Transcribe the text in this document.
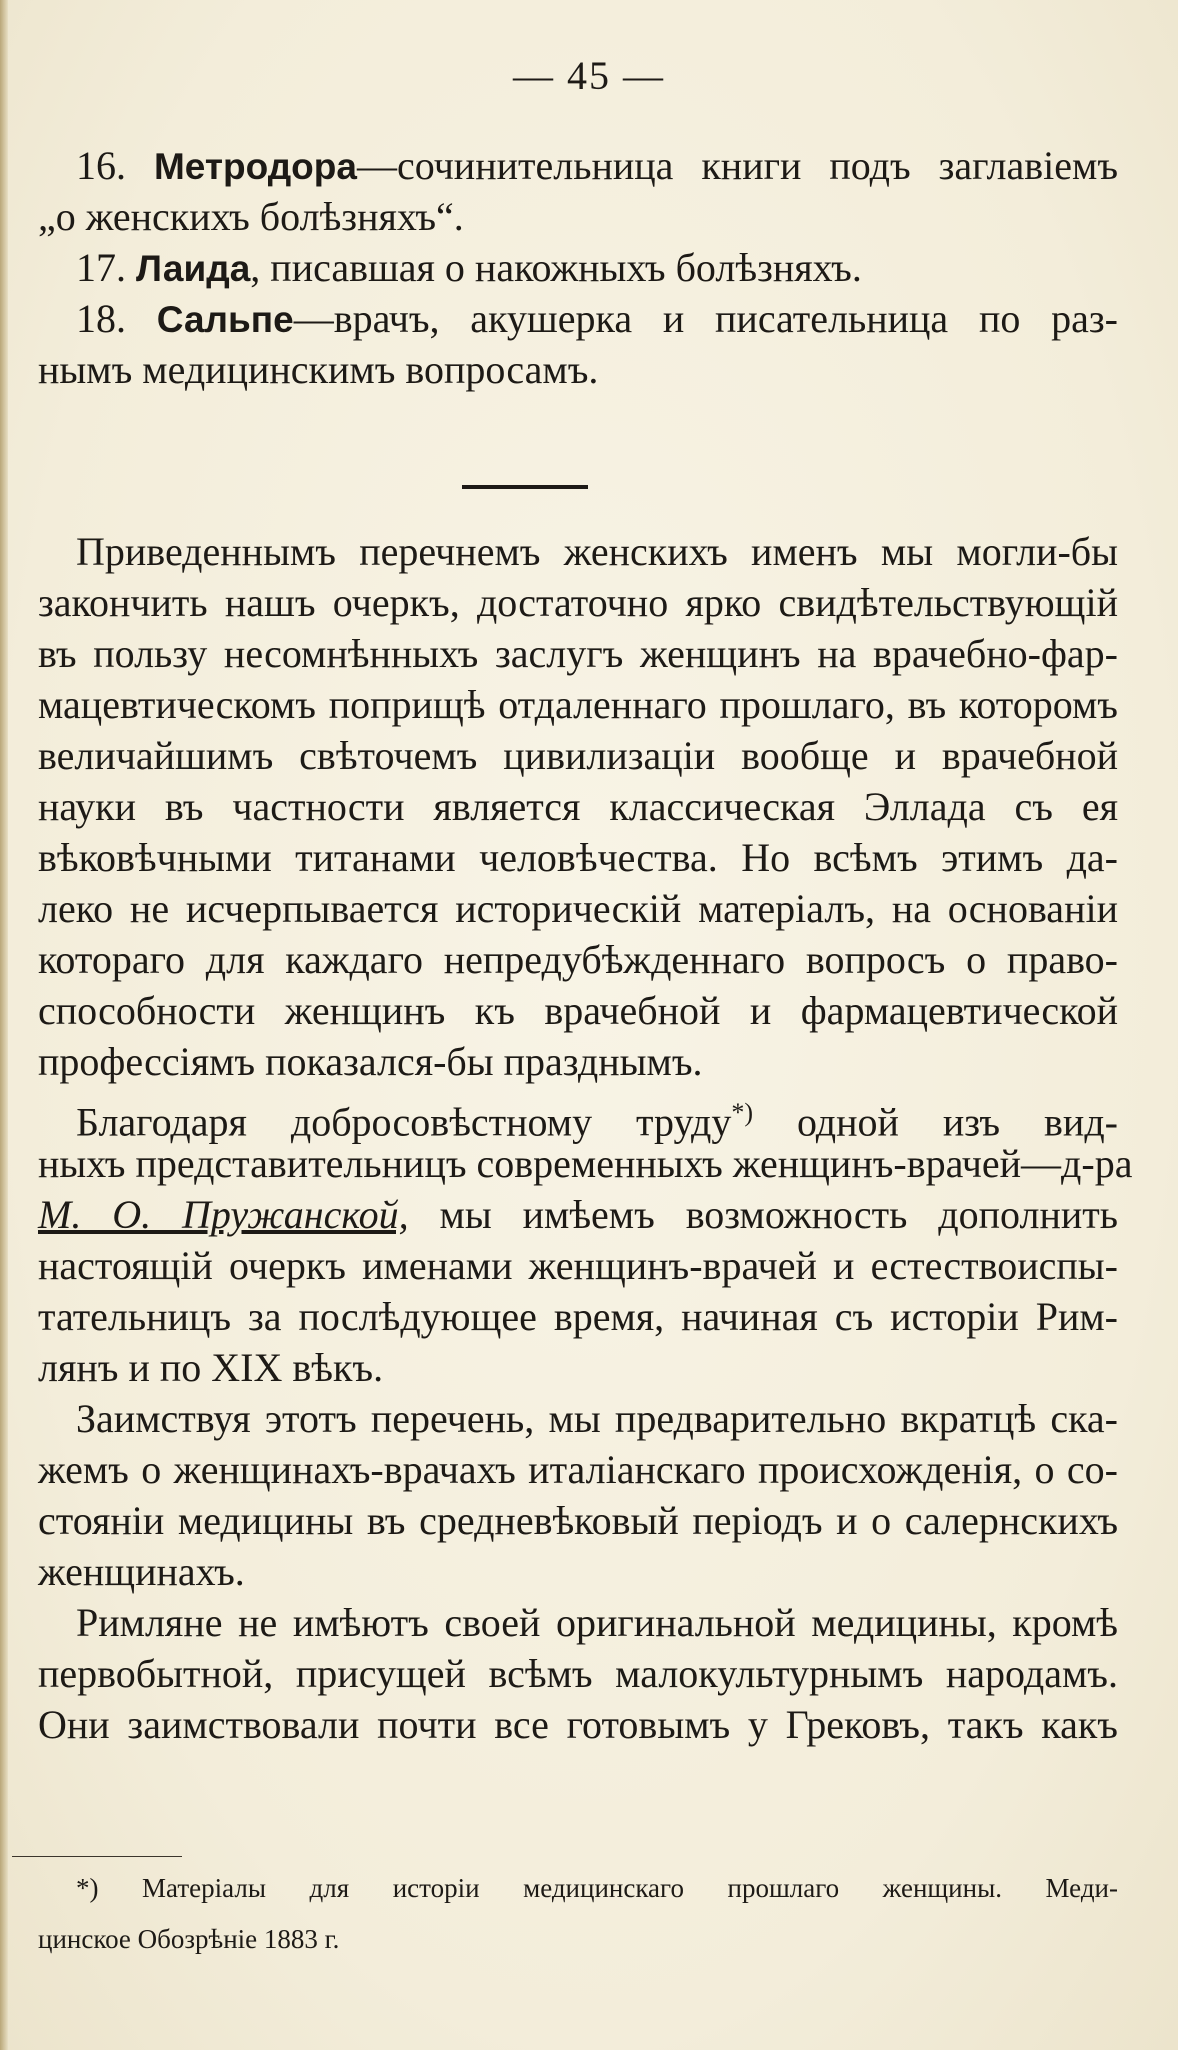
— 45 —
16. Метродора—сочинительница книги подъ заглавіемъ
„о женскихъ болѣзняхъ“.
17. Лаида, писавшая о накожныхъ болѣзняхъ.
18. Сальпе—врачъ, акушерка и писательница по раз-
нымъ медицинскимъ вопросамъ.
Приведеннымъ перечнемъ женскихъ именъ мы могли-бы
закончить нашъ очеркъ, достаточно ярко свидѣтельствующій
въ пользу несомнѣнныхъ заслугъ женщинъ на врачебно-фар-
мацевтическомъ поприщѣ отдаленнаго прошлаго, въ которомъ
величайшимъ свѣточемъ цивилизаціи вообще и врачебной
науки въ частности является классическая Эллада съ ея
вѣковѣчными титанами человѣчества. Но всѣмъ этимъ да-
леко не исчерпывается историческій матеріалъ, на основаніи
котораго для каждаго непредубѣжденнаго вопросъ о право-
способности женщинъ къ врачебной и фармацевтической
профессіямъ показался-бы празднымъ.
Благодаря добросовѣстному труду*) одной изъ вид-
ныхъ представительницъ современныхъ женщинъ-врачей—д-ра
М. О. Пружанской, мы имѣемъ возможность дополнить
настоящій очеркъ именами женщинъ-врачей и естествоиспы-
тательницъ за послѣдующее время, начиная съ исторіи Рим-
лянъ и по XIX вѣкъ.
Заимствуя этотъ перечень, мы предварительно вкратцѣ ска-
жемъ о женщинахъ-врачахъ италіанскаго происхожденія, о со-
стояніи медицины въ средневѣковый періодъ и о салернскихъ
женщинахъ.
Римляне не имѣютъ своей оригинальной медицины, кромѣ
первобытной, присущей всѣмъ малокультурнымъ народамъ.
Они заимствовали почти все готовымъ у Грековъ, такъ какъ
*) Матеріалы для исторіи медицинскаго прошлаго женщины. Меди-
цинское Обозрѣніе 1883 г.
